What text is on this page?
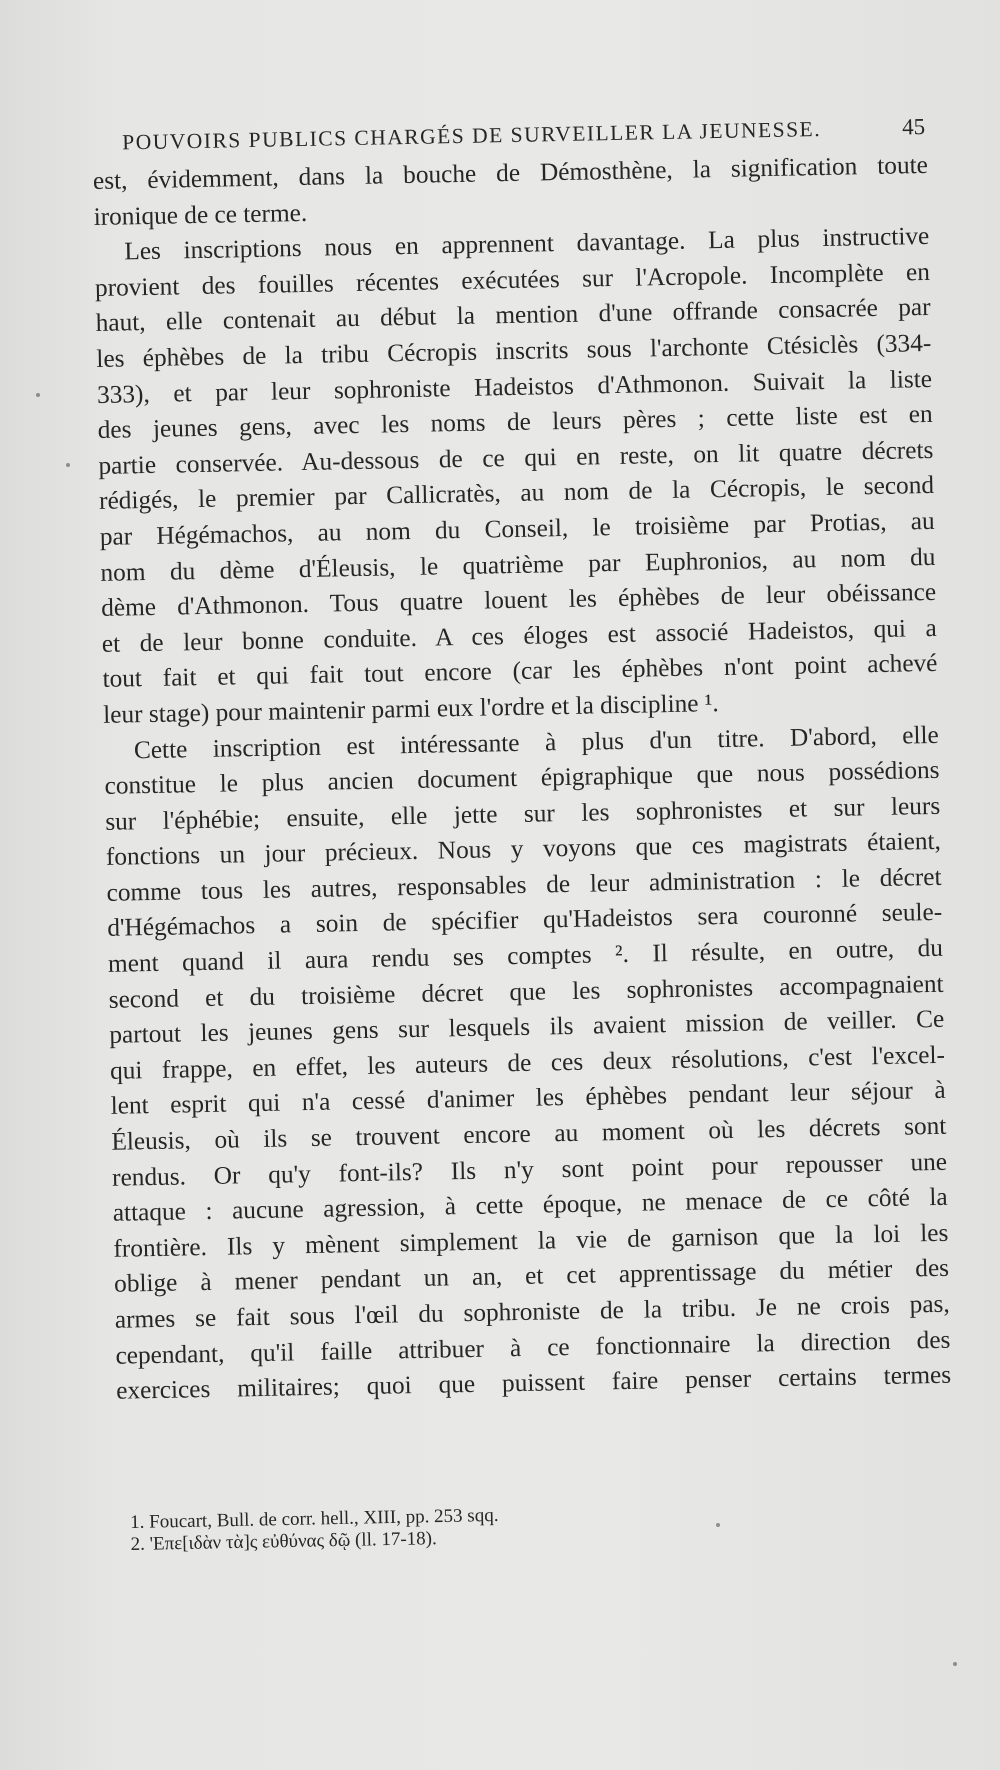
POUVOIRS PUBLICS CHARGÉS DE SURVEILLER LA JEUNESSE.	45
est, évidemment, dans la bouche de Démosthène, la signification toute
ironique de ce terme.
Les inscriptions nous en apprennent davantage. La plus instructive
provient des fouilles récentes exécutées sur l'Acropole. Incomplète en
haut, elle contenait au début la mention d'une offrande consacrée par
les éphèbes de la tribu Cécropis inscrits sous l'archonte Ctésiclès (334-
333), et par leur sophroniste Hadeistos d'Athmonon. Suivait la liste
des jeunes gens, avec les noms de leurs pères ; cette liste est en
partie conservée. Au-dessous de ce qui en reste, on lit quatre décrets
rédigés, le premier par Callicratès, au nom de la Cécropis, le second
par Hégémachos, au nom du Conseil, le troisième par Protias, au
nom du dème d'Éleusis, le quatrième par Euphronios, au nom du
dème d'Athmonon. Tous quatre louent les éphèbes de leur obéissance
et de leur bonne conduite. A ces éloges est associé Hadeistos, qui a
tout fait et qui fait tout encore (car les éphèbes n'ont point achevé
leur stage) pour maintenir parmi eux l'ordre et la discipline ¹.
Cette inscription est intéressante à plus d'un titre. D'abord, elle
constitue le plus ancien document épigraphique que nous possédions
sur l'éphébie; ensuite, elle jette sur les sophronistes et sur leurs
fonctions un jour précieux. Nous y voyons que ces magistrats étaient,
comme tous les autres, responsables de leur administration : le décret
d'Hégémachos a soin de spécifier qu'Hadeistos sera couronné seule-
ment quand il aura rendu ses comptes ². Il résulte, en outre, du
second et du troisième décret que les sophronistes accompagnaient
partout les jeunes gens sur lesquels ils avaient mission de veiller. Ce
qui frappe, en effet, les auteurs de ces deux résolutions, c'est l'excel-
lent esprit qui n'a cessé d'animer les éphèbes pendant leur séjour à
Éleusis, où ils se trouvent encore au moment où les décrets sont
rendus. Or qu'y font-ils? Ils n'y sont point pour repousser une
attaque : aucune agression, à cette époque, ne menace de ce côté la
frontière. Ils y mènent simplement la vie de garnison que la loi les
oblige à mener pendant un an, et cet apprentissage du métier des
armes se fait sous l'œil du sophroniste de la tribu. Je ne crois pas,
cependant, qu'il faille attribuer à ce fonctionnaire la direction des
exercices militaires; quoi que puissent faire penser certains termes
1. Foucart, Bull. de corr. hell., XIII, pp. 253 sqq.
2. 'Επε[ιδὰν τὰ]ς εὐθύνας δῷ (ll. 17-18).
